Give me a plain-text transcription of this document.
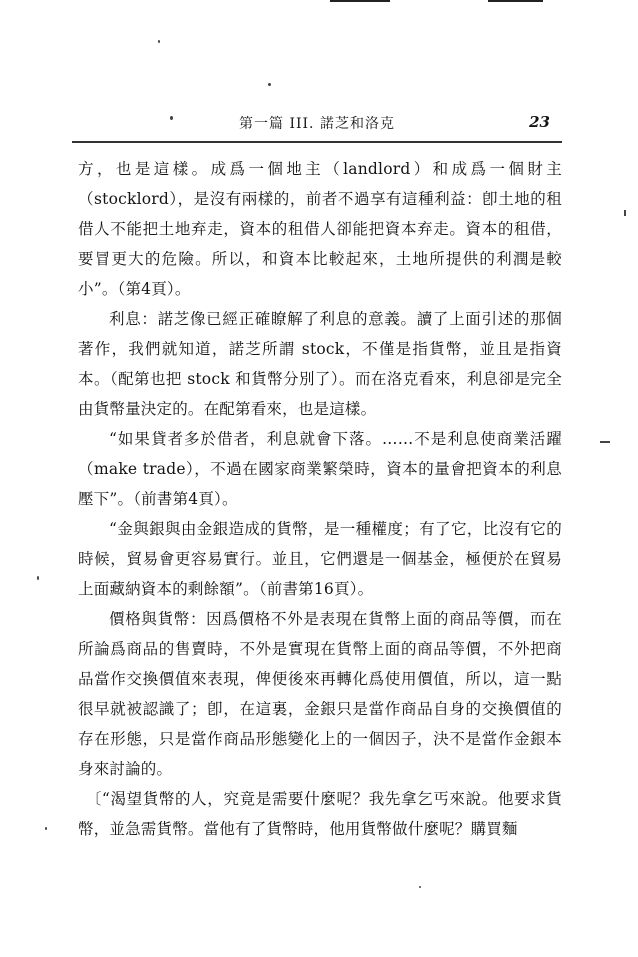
第一篇 III. 諾芝和洛克	23

方，也是這樣。成爲一個地主（landlord）和成爲一個財主（stocklord），是沒有兩樣的，前者不過享有這種利益：卽土地的租借人不能把土地弃走，資本的租借人卻能把資本弃走。資本的租借，要冒更大的危險。所以，和資本比較起來，土地所提供的利潤是較小”。（第4頁）。

利息：諾芝像已經正確瞭解了利息的意義。讀了上面引述的那個著作，我們就知道，諾芝所謂 stock，不僅是指貨幣，並且是指資本。（配第也把 stock 和貨幣分別了）。而在洛克看來，利息卻是完全由貨幣量決定的。在配第看來，也是這樣。

“如果貸者多於借者，利息就會下落。……不是利息使商業活躍（make trade），不過在國家商業繁榮時，資本的量會把資本的利息壓下”。（前書第4頁）。

“金與銀與由金銀造成的貨幣，是一種權度；有了它，比沒有它的時候，貿易會更容易實行。並且，它們還是一個基金，極便於在貿易上面藏納資本的剩餘額”。（前書第16頁）。

價格與貨幣：因爲價格不外是表現在貨幣上面的商品等價，而在所論爲商品的售賣時，不外是實現在貨幣上面的商品等價，不外把商品當作交換價值來表現，俾便後來再轉化爲使用價值，所以，這一點很早就被認識了；卽，在這裏，金銀只是當作商品自身的交換價值的存在形態，只是當作商品形態變化上的一個因子，決不是當作金銀本身來討論的。

〔“渴望貨幣的人，究竟是需要什麼呢？我先拿乞丐來說。他要求貨幣，並急需貨幣。當他有了貨幣時，他用貨幣做什麼呢？購買麵
